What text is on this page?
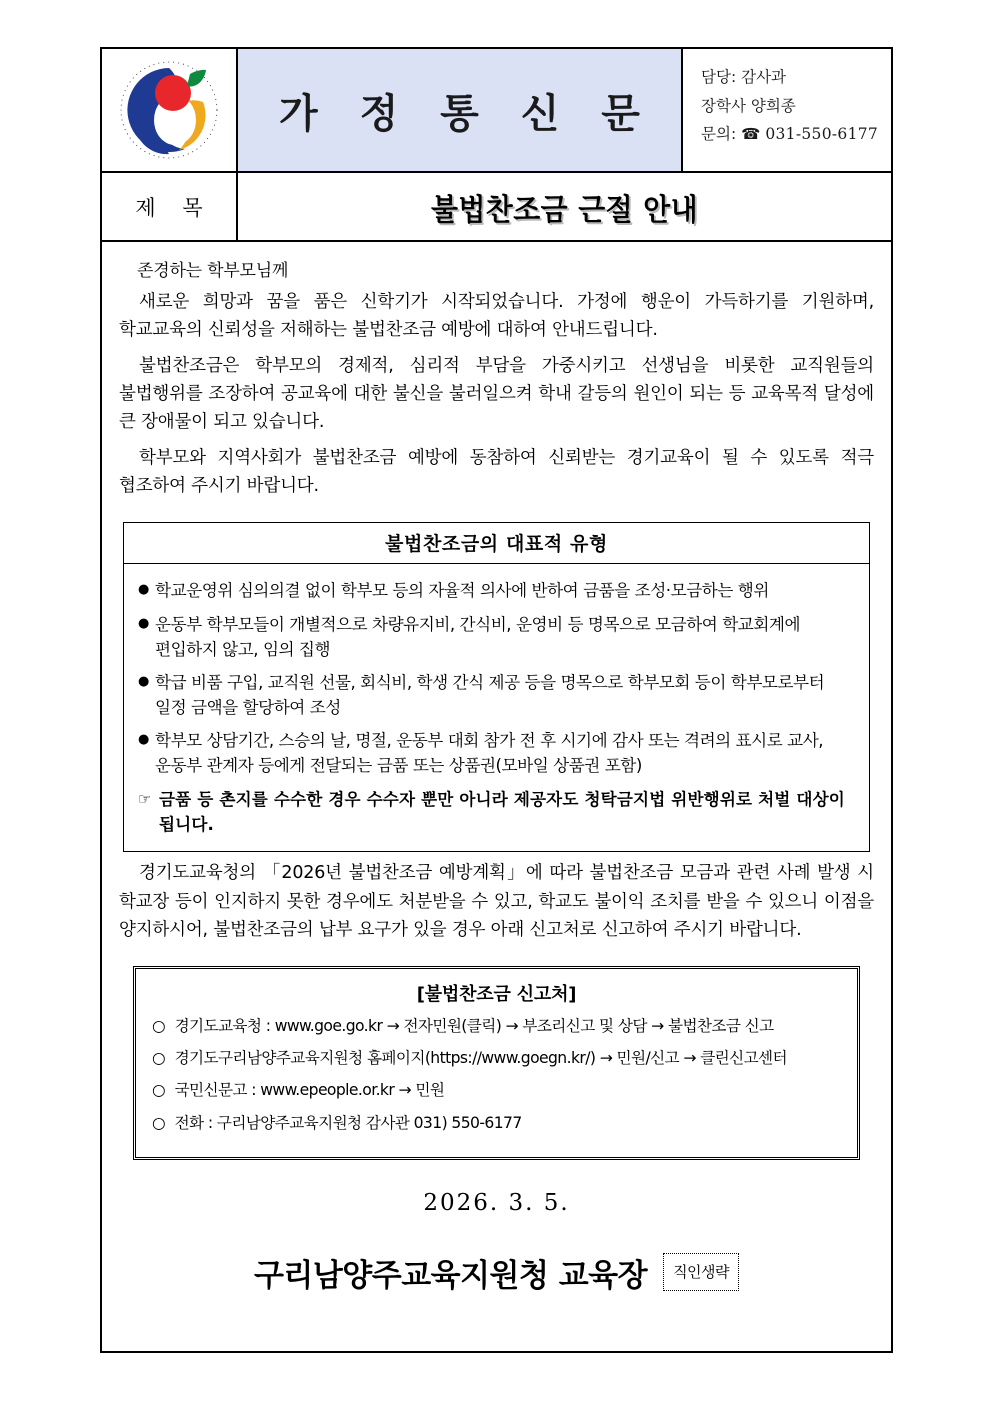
가 정 통 신 문
담당: 감사과
장학사 양희종
문의: ☎ 031-550-6177
제 목	불법찬조금 근절 안내
존경하는 학부모님께

새로운 희망과 꿈을 품은 신학기가 시작되었습니다. 가정에 행운이 가득하기를 기원하며, 학교교육의 신뢰성을 저해하는 불법찬조금 예방에 대하여 안내드립니다.

불법찬조금은 학부모의 경제적, 심리적 부담을 가중시키고 선생님을 비롯한 교직원들의 불법행위를 조장하여 공교육에 대한 불신을 불러일으켜 학내 갈등의 원인이 되는 등 교육목적 달성에 큰 장애물이 되고 있습니다.

학부모와 지역사회가 불법찬조금 예방에 동참하여 신뢰받는 경기교육이 될 수 있도록 적극 협조하여 주시기 바랍니다.

불법찬조금의 대표적 유형
● 학교운영위 심의의결 없이 학부모 등의 자율적 의사에 반하여 금품을 조성·모금하는 행위
● 운동부 학부모들이 개별적으로 차량유지비, 간식비, 운영비 등 명목으로 모금하여 학교회계에 편입하지 않고, 임의 집행
● 학급 비품 구입, 교직원 선물, 회식비, 학생 간식 제공 등을 명목으로 학부모회 등이 학부모로부터 일정 금액을 할당하여 조성
● 학부모 상담기간, 스승의 날, 명절, 운동부 대회 참가 전 후 시기에 감사 또는 격려의 표시로 교사, 운동부 관계자 등에게 전달되는 금품 또는 상품권(모바일 상품권 포함)
☞ 금품 등 촌지를 수수한 경우 수수자 뿐만 아니라 제공자도 청탁금지법 위반행위로 처벌 대상이 됩니다.

경기도교육청의 「2026년 불법찬조금 예방계획」에 따라 불법찬조금 모금과 관련 사례 발생 시 학교장 등이 인지하지 못한 경우에도 처분받을 수 있고, 학교도 불이익 조치를 받을 수 있으니 이점을 양지하시어, 불법찬조금의 납부 요구가 있을 경우 아래 신고처로 신고하여 주시기 바랍니다.

[불법찬조금 신고처]
○ 경기도교육청 : www.goe.go.kr → 전자민원(클릭) → 부조리신고 및 상담 → 불법찬조금 신고
○ 경기도구리남양주교육지원청 홈페이지(https://www.goegn.kr/) → 민원/신고 → 클린신고센터
○ 국민신문고 : www.epeople.or.kr → 민원
○ 전화 : 구리남양주교육지원청 감사관 031) 550-6177
2026. 3. 5.
구리남양주교육지원청 교육장	직인생략
